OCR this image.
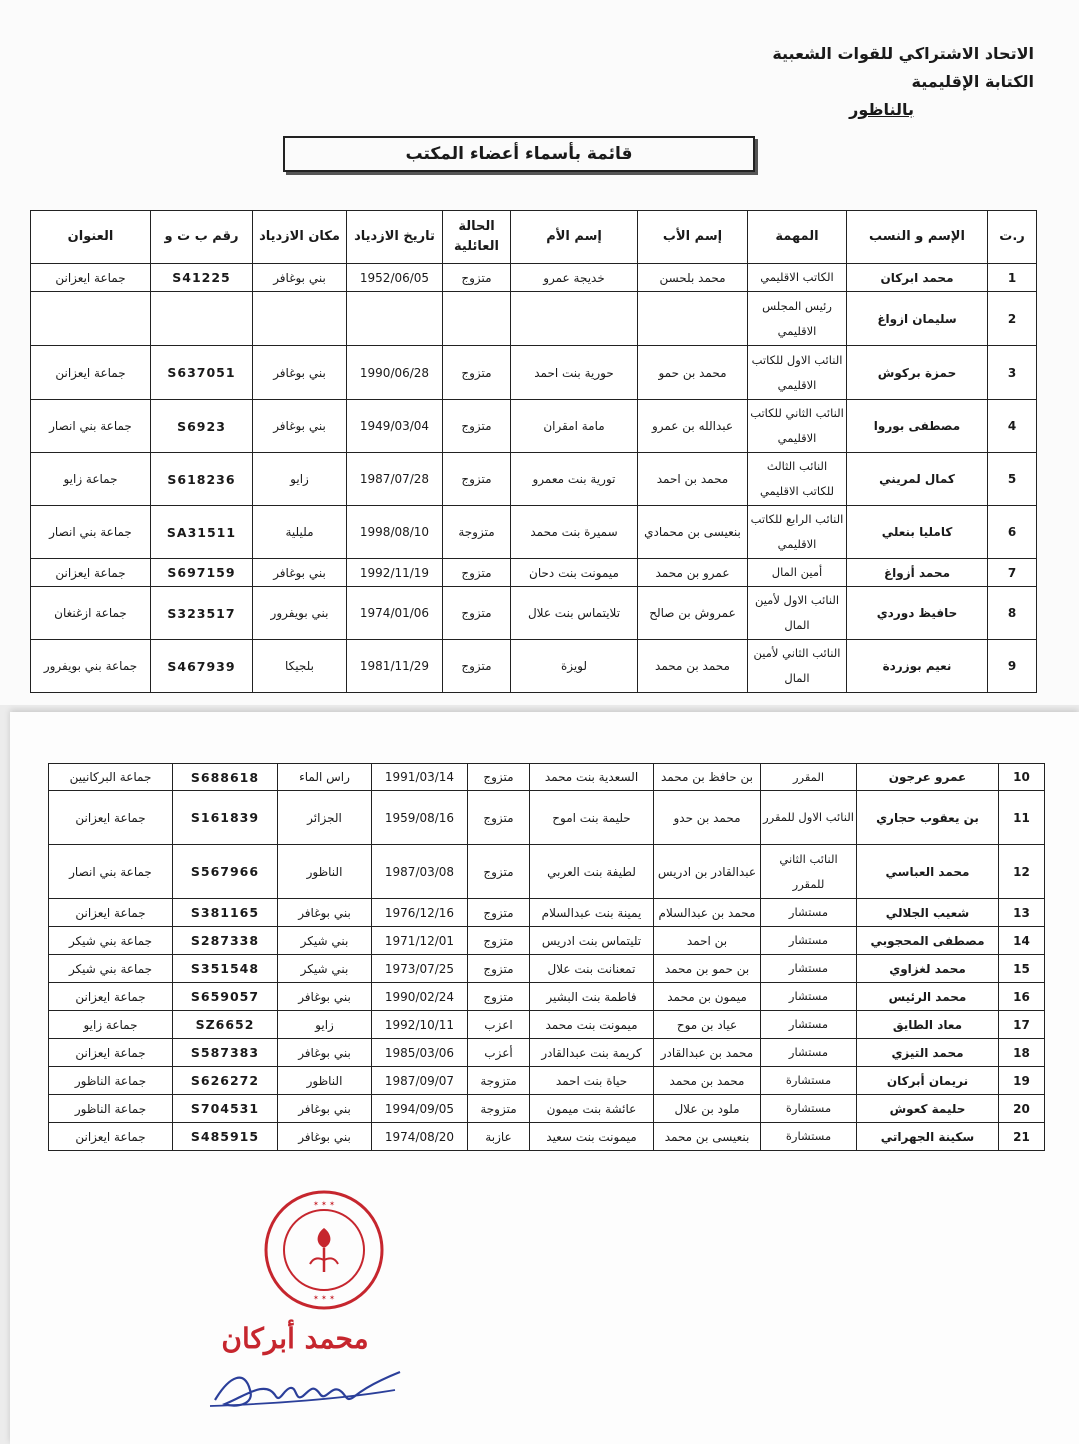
الاتحاد الاشتراكي للقوات الشعبية
الكتابة الإقليمية
بالناظور
قائمة بأسماء أعضاء المكتب
ر.ت	الإسم و النسب	المهمة	إسم الأب	إسم الأم	الحالة العائلية	تاريخ الازدياد	مكان الازدياد	رقم ب ت و	العنوان
1	محمد ابركان	الكاتب الاقليمي	محمد بلحسن	خديجة عمرو	متزوج	1952/06/05	بني بوغافر	S41225	جماعة ايعزانن
2	سليمان ازواغ	رئيس المجلس الاقليمي							
3	حمزة بركوش	النائب الاول للكاتب الاقليمي	محمد بن حمو	حورية بنت احمد	متزوج	1990/06/28	بني بوغافر	S637051	جماعة ايعزانن
4	مصطفى بوروا	النائب الثاني للكاتب الاقليمي	عبدالله بن عمرو	مامة امقران	متزوج	1949/03/04	بني بوغافر	S6923	جماعة بني انصار
5	كمال لمريني	النائب الثالث للكاتب الاقليمي	محمد بن احمد	تورية بنت معمرو	متزوج	1987/07/28	زايو	S618236	جماعة زايو
6	كامليا بنعلي	النائب الرابع للكاتب الاقليمي	بنعيسى بن محمادي	سميرة بنت محمد	متزوجة	1998/08/10	مليلية	SA31511	جماعة بني انصار
7	محمد أزواغ	أمين المال	عمرو بن محمد	ميمونت بنت دحان	متزوج	1992/11/19	بني بوغافر	S697159	جماعة ايعزانن
8	حافيظ دوردي	النائب الاول لأمين المال	عمروش بن صالح	تلايتماس بنت علال	متزوج	1974/01/06	بني بويفرور	S323517	جماعة ازغنغان
9	نعيم بوزردة	النائب الثاني لأمين المال	محمد بن محمد	لويزة	متزوج	1981/11/29	بلجيكا	S467939	جماعة بني بويفرور
10	عمرو عرجون	المقرر	بن حافظ بن محمد	السعدية بنت محمد	متزوج	1991/03/14	راس الماء	S688618	جماعة البركانيين
11	بن يعقوب حجاري	النائب الاول للمقرر	محمد بن حدو	حليمة بنت اموح	متزوج	1959/08/16	الجزائر	S161839	جماعة ايعزانن
12	محمد العباسي	النائب الثاني للمقرر	عبدالقادر بن ادريس	لطيفة بنت العربي	متزوج	1987/03/08	الناظور	S567966	جماعة بني انصار
13	شعيب الجلالي	مستشار	محمد بن عبدالسلام	يمينة بنت عبدالسلام	متزوج	1976/12/16	بني بوغافر	S381165	جماعة ايعزانن
14	مصطفى المحجوبي	مستشار	بن احمد	تليتماس بنت ادريس	متزوج	1971/12/01	بني شيكر	S287338	جماعة بني شيكر
15	محمد لغزاوي	مستشار	بن حمو بن محمد	تمعنانت بنت علال	متزوج	1973/07/25	بني شيكر	S351548	جماعة بني شيكر
16	محمد الرئيس	مستشار	ميمون بن محمد	فاطمة بنت البشير	متزوج	1990/02/24	بني بوغافر	S659057	جماعة ايعزانن
17	معاد الطايق	مستشار	عياد بن موح	ميمونت بنت محمد	اعزب	1992/10/11	زايو	SZ6652	جماعة زايو
18	محمد التيزي	مستشار	محمد بن عبدالقادر	كريمة بنت عبدالقادر	أعزب	1985/03/06	بني بوغافر	S587383	جماعة ايعزانن
19	نريمان أبركان	مستشارة	محمد بن محمد	حياة بنت احمد	متزوجة	1987/09/07	الناظور	S626272	جماعة الناظور
20	حليمة كعوش	مستشارة	ملود بن علال	عائشة بنت ميمون	متزوجة	1994/09/05	بني بوغافر	S704531	جماعة الناظور
21	سكينة الجهراتي	مستشارة	بنعيسى بن محمد	ميمونت بنت سعيد	عازبة	1974/08/20	بني بوغافر	S485915	جماعة ايعزانن
✶ ✶ ✶
✶ ✶ ✶
محمد أبركان
